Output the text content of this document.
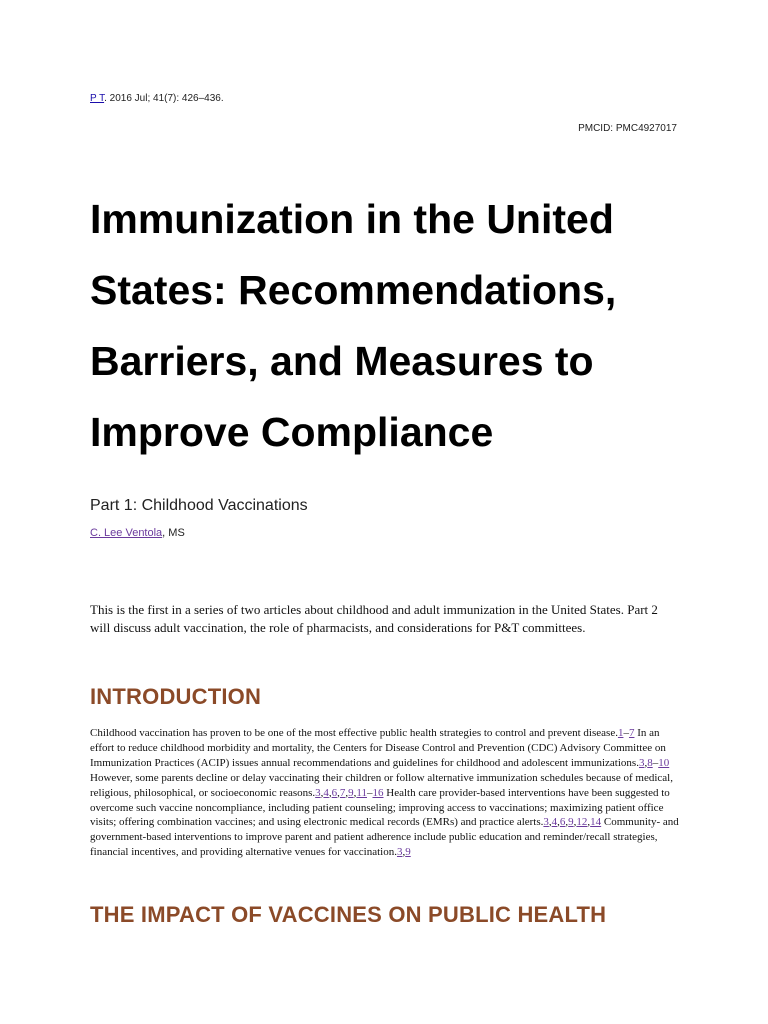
P T. 2016 Jul; 41(7): 426–436.
PMCID: PMC4927017
Immunization in the United States: Recommendations, Barriers, and Measures to Improve Compliance
Part 1: Childhood Vaccinations
C. Lee Ventola, MS

This is the first in a series of two articles about childhood and adult immunization in the United States. Part 2 will discuss adult vaccination, the role of pharmacists, and considerations for P&T committees.

INTRODUCTION

Childhood vaccination has proven to be one of the most effective public health strategies to control and prevent disease.1–7 In an effort to reduce childhood morbidity and mortality, the Centers for Disease Control and Prevention (CDC) Advisory Committee on Immunization Practices (ACIP) issues annual recommendations and guidelines for childhood and adolescent immunizations.3,8–10 However, some parents decline or delay vaccinating their children or follow alternative immunization schedules because of medical, religious, philosophical, or socioeconomic reasons.3,4,6,7,9,11–16 Health care provider-based interventions have been suggested to overcome such vaccine noncompliance, including patient counseling; improving access to vaccinations; maximizing patient office visits; offering combination vaccines; and using electronic medical records (EMRs) and practice alerts.3,4,6,9,12,14 Community- and government-based interventions to improve parent and patient adherence include public education and reminder/recall strategies, financial incentives, and providing alternative venues for vaccination.3,9

THE IMPACT OF VACCINES ON PUBLIC HEALTH
